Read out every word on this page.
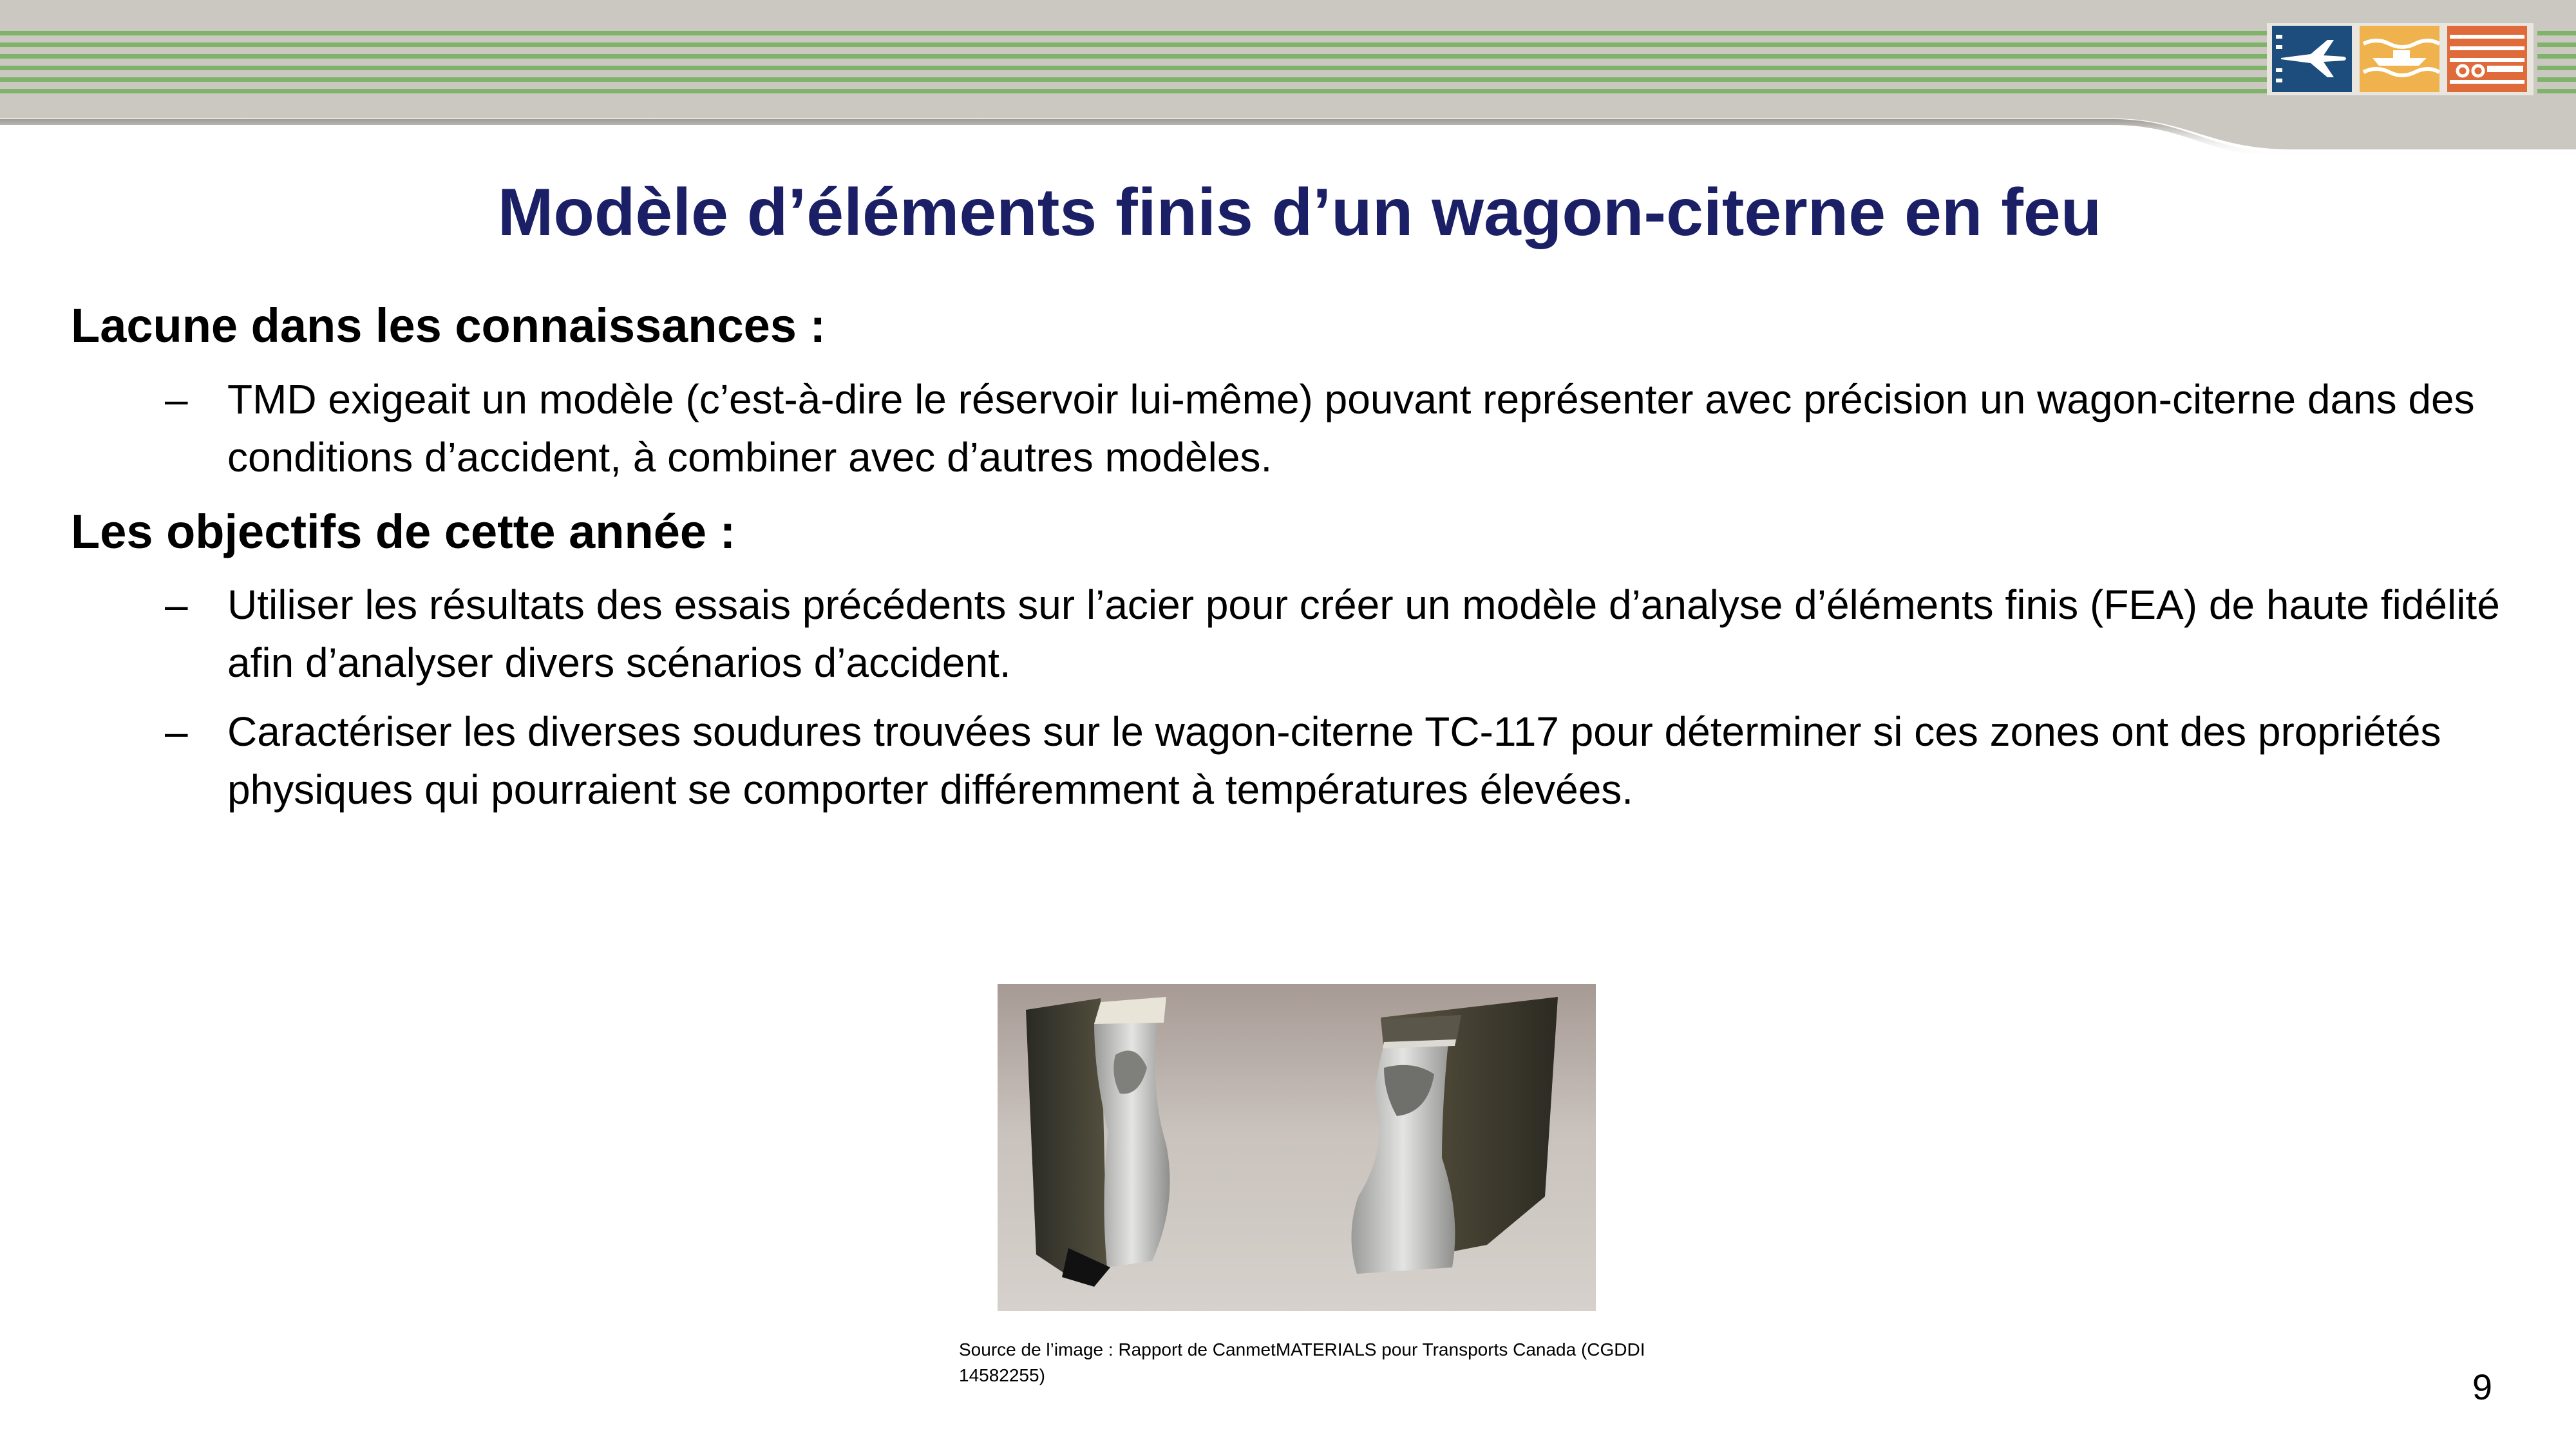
Modèle d’éléments finis d’un wagon-citerne en feu
Lacune dans les connaissances :
– TMD exigeait un modèle (c’est-à-dire le réservoir lui-même) pouvant représenter avec précision un wagon-citerne dans des conditions d’accident, à combiner avec d’autres modèles.
Les objectifs de cette année :
– Utiliser les résultats des essais précédents sur l’acier pour créer un modèle d’analyse d’éléments finis (FEA) de haute fidélité afin d’analyser divers scénarios d’accident.
– Caractériser les diverses soudures trouvées sur le wagon-citerne TC-117 pour déterminer si ces zones ont des propriétés physiques qui pourraient se comporter différemment à températures élevées.
Source de l’image : Rapport de CanmetMATERIALS pour Transports Canada (CGDDI 14582255)	9
